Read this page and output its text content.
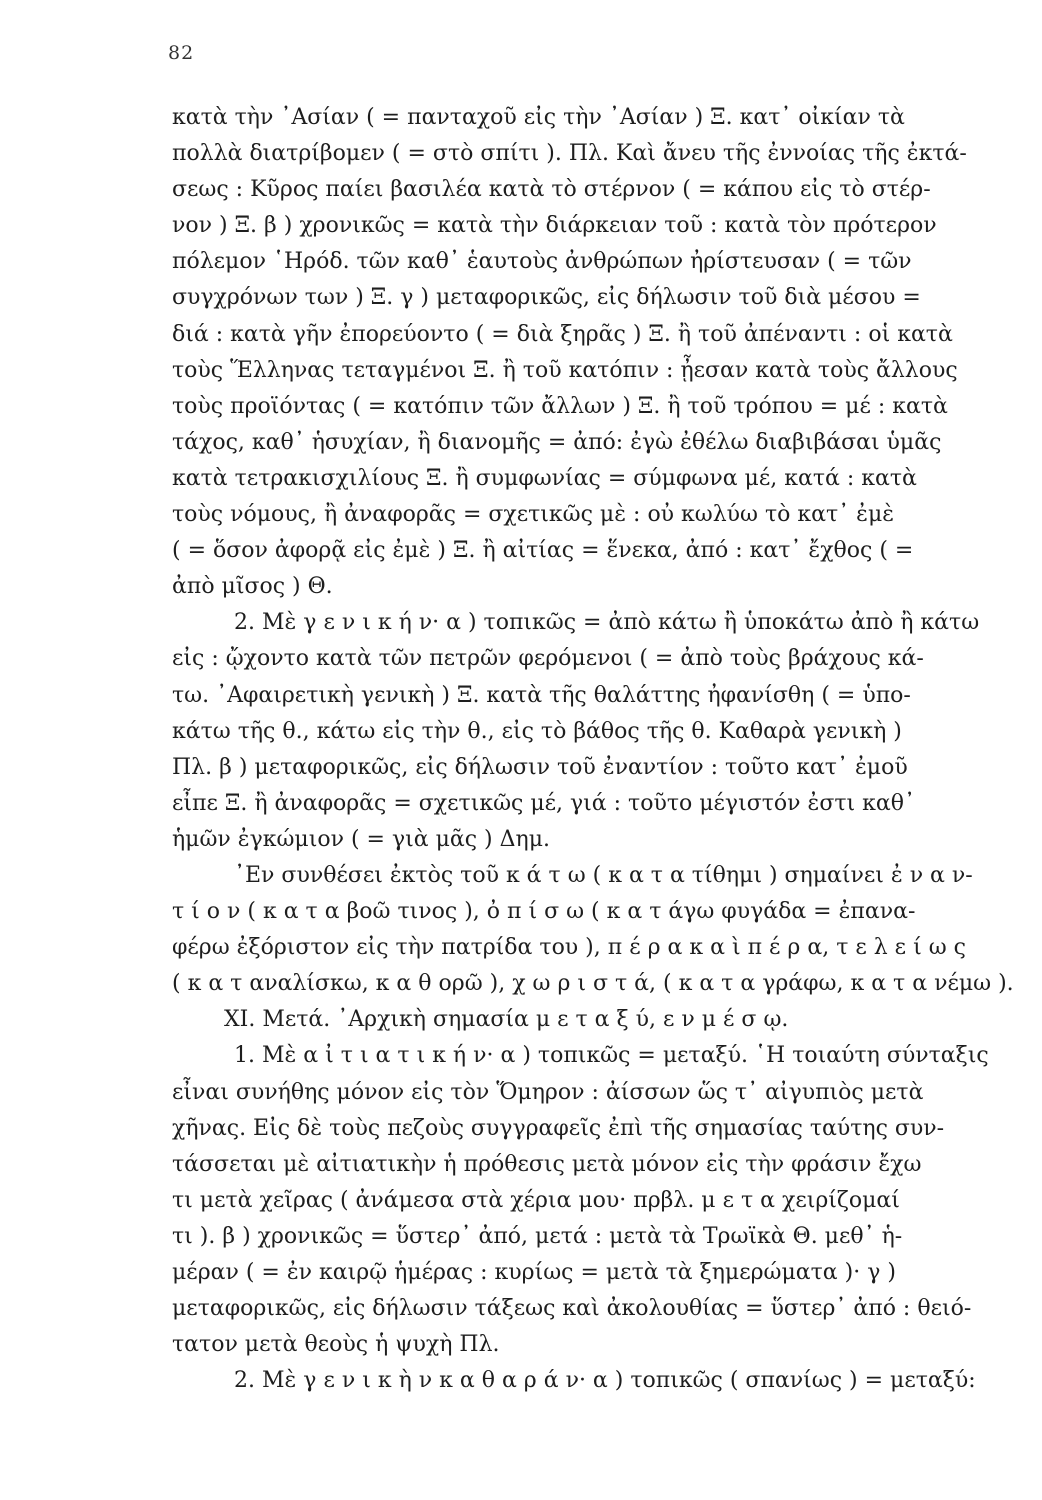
82
κατὰ τὴν ᾽Ασίαν ( = πανταχοῦ εἰς τὴν ᾽Ασίαν ) Ξ. κατ᾽ οἰκίαν τὰ
πολλὰ διατρίβομεν ( = στὸ σπίτι ). Πλ. Καὶ ἄνευ τῆς ἐννοίας τῆς ἐκτά-
σεως : Κῦρος παίει βασιλέα κατὰ τὸ στέρνον ( = κάπου εἰς τὸ στέρ-
νον ) Ξ. β ) χρονικῶς = κατὰ τὴν διάρκειαν τοῦ : κατὰ τὸν πρότερον
πόλεμον ῾Ηρόδ. τῶν καθ᾽ ἑαυτοὺς ἀνθρώπων ἠρίστευσαν ( = τῶν
συγχρόνων των ) Ξ. γ ) μεταφορικῶς, εἰς δήλωσιν τοῦ διὰ μέσου =
διά : κατὰ γῆν ἐπορεύοντο ( = διὰ ξηρᾶς ) Ξ. ἢ τοῦ ἀπέναντι : οἱ κατὰ
τοὺς Ἕλληνας τεταγμένοι Ξ. ἢ τοῦ κατόπιν : ᾖεσαν κατὰ τοὺς ἄλλους
τοὺς προϊόντας ( = κατόπιν τῶν ἄλλων ) Ξ. ἢ τοῦ τρόπου = μέ : κατὰ
τάχος, καθ᾽ ἡσυχίαν, ἢ διανομῆς = ἀπό: ἐγὼ ἐθέλω διαβιβάσαι ὑμᾶς
κατὰ τετρακισχιλίους Ξ. ἢ συμφωνίας = σύμφωνα μέ, κατά : κατὰ
τοὺς νόμους, ἢ ἀναφορᾶς = σχετικῶς μὲ : οὐ κωλύω τὸ κατ᾽ ἐμὲ
( = ὅσον ἀφορᾷ εἰς ἐμὲ ) Ξ. ἢ αἰτίας = ἕνεκα, ἀπό : κατ᾽ ἔχθος ( =
ἀπὸ μῖσος ) Θ.
2. Μὲ γ ε ν ι κ ή ν· α ) τοπικῶς = ἀπὸ κάτω ἢ ὑποκάτω ἀπὸ ἢ κάτω
εἰς : ᾤχοντο κατὰ τῶν πετρῶν φερόμενοι ( = ἀπὸ τοὺς βράχους κά-
τω. ᾽Αφαιρετικὴ γενικὴ ) Ξ. κατὰ τῆς θαλάττης ἠφανίσθη ( = ὑπο-
κάτω τῆς θ., κάτω εἰς τὴν θ., εἰς τὸ βάθος τῆς θ. Καθαρὰ γενικὴ )
Πλ. β ) μεταφορικῶς, εἰς δήλωσιν τοῦ ἐναντίον : τοῦτο κατ᾽ ἐμοῦ
εἶπε Ξ. ἢ ἀναφορᾶς = σχετικῶς μέ, γιά : τοῦτο μέγιστόν ἐστι καθ᾽
ἡμῶν ἐγκώμιον ( = γιὰ μᾶς ) Δημ.
᾽Εν συνθέσει ἐκτὸς τοῦ κ ά τ ω ( κ α τ α τίθημι ) σημαίνει ἐ ν α ν-
τ ί ο ν ( κ α τ α βοῶ τινος ), ὀ π ί σ ω ( κ α τ άγω φυγάδα = ἐπανα-
φέρω ἐξόριστον εἰς τὴν πατρίδα του ), π έ ρ α κ α ὶ π έ ρ α, τ ε λ ε ί ω ς
( κ α τ αναλίσκω, κ α θ ορῶ ), χ ω ρ ι σ τ ά, ( κ α τ α γράφω, κ α τ α νέμω ).
XI. Μετά. ᾽Αρχικὴ σημασία μ ε τ α ξ ύ, ε ν μ έ σ ῳ.
1. Μὲ α ἰ τ ι α τ ι κ ή ν· α ) τοπικῶς = μεταξύ. ῾Η τοιαύτη σύνταξις
εἶναι συνήθης μόνον εἰς τὸν Ὅμηρον : ἀίσσων ὥς τ᾽ αἰγυπιὸς μετὰ
χῆνας. Εἰς δὲ τοὺς πεζοὺς συγγραφεῖς ἐπὶ τῆς σημασίας ταύτης συν-
τάσσεται μὲ αἰτιατικὴν ἡ πρόθεσις μετὰ μόνον εἰς τὴν φράσιν ἔχω
τι μετὰ χεῖρας ( ἀνάμεσα στὰ χέρια μου· πρβλ. μ ε τ α χειρίζομαί
τι ). β ) χρονικῶς = ὕστερ᾽ ἀπό, μετά : μετὰ τὰ Τρωϊκὰ Θ. μεθ᾽ ἡ-
μέραν ( = ἐν καιρῷ ἡμέρας : κυρίως = μετὰ τὰ ξημερώματα )· γ )
μεταφορικῶς, εἰς δήλωσιν τάξεως καὶ ἀκολουθίας = ὕστερ᾽ ἀπό : θειό-
τατον μετὰ θεοὺς ἡ ψυχὴ Πλ.
2. Μὲ γ ε ν ι κ ὴ ν κ α θ α ρ ά ν· α ) τοπικῶς ( σπανίως ) = μεταξύ:
